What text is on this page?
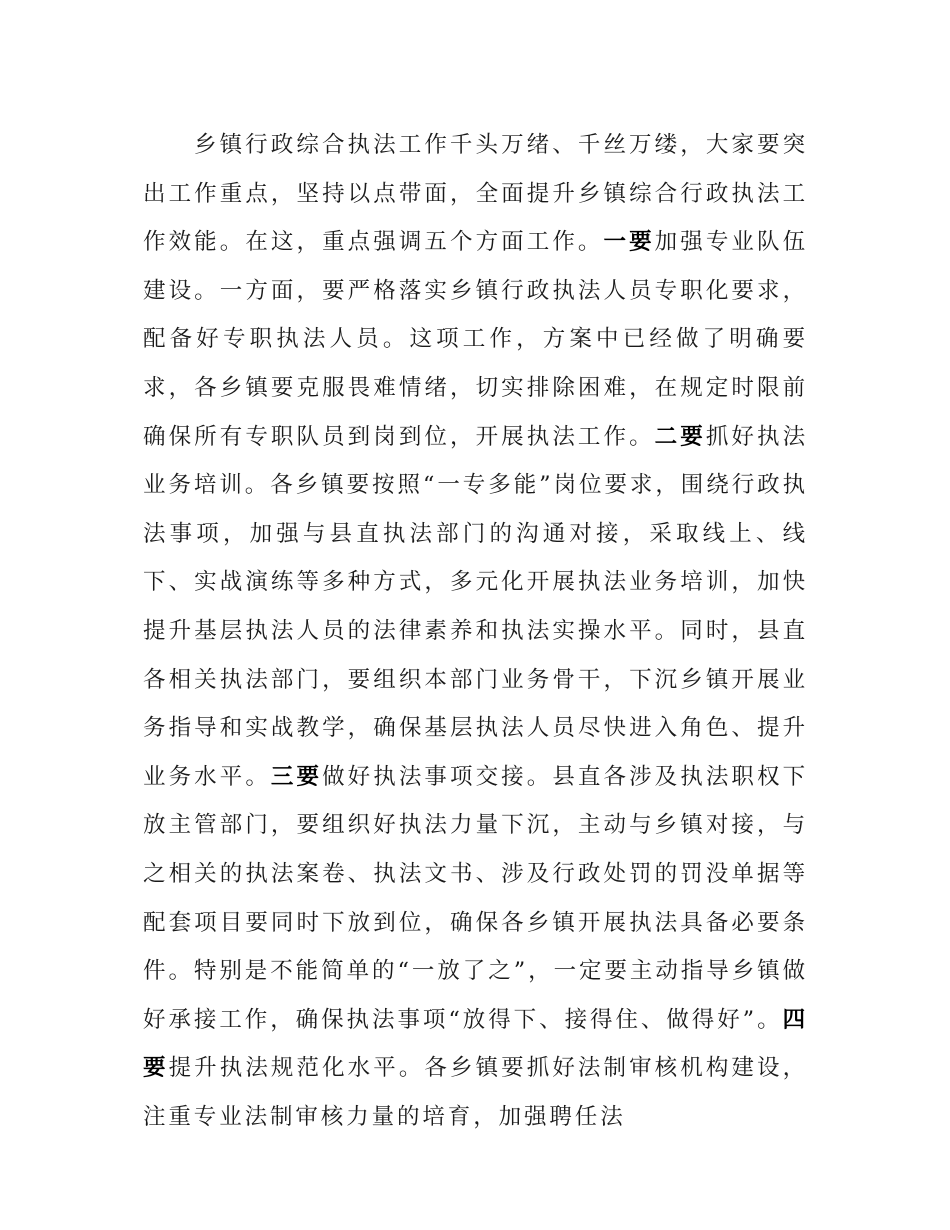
乡镇行政综合执法工作千头万绪、千丝万缕，大家要突出工作重点，坚持以点带面，全面提升乡镇综合行政执法工作效能。在这，重点强调五个方面工作。一要加强专业队伍建设。一方面，要严格落实乡镇行政执法人员专职化要求，配备好专职执法人员。这项工作，方案中已经做了明确要求，各乡镇要克服畏难情绪，切实排除困难，在规定时限前确保所有专职队员到岗到位，开展执法工作。二要抓好执法业务培训。各乡镇要按照“一专多能”岗位要求，围绕行政执法事项，加强与县直执法部门的沟通对接，采取线上、线下、实战演练等多种方式，多元化开展执法业务培训，加快提升基层执法人员的法律素养和执法实操水平。同时，县直各相关执法部门，要组织本部门业务骨干，下沉乡镇开展业务指导和实战教学，确保基层执法人员尽快进入角色、提升业务水平。三要做好执法事项交接。县直各涉及执法职权下放主管部门，要组织好执法力量下沉，主动与乡镇对接，与之相关的执法案卷、执法文书、涉及行政处罚的罚没单据等配套项目要同时下放到位，确保各乡镇开展执法具备必要条件。特别是不能简单的“一放了之”，一定要主动指导乡镇做好承接工作，确保执法事项“放得下、接得住、做得好”。四要提升执法规范化水平。各乡镇要抓好法制审核机构建设，注重专业法制审核力量的培育，加强聘任法
